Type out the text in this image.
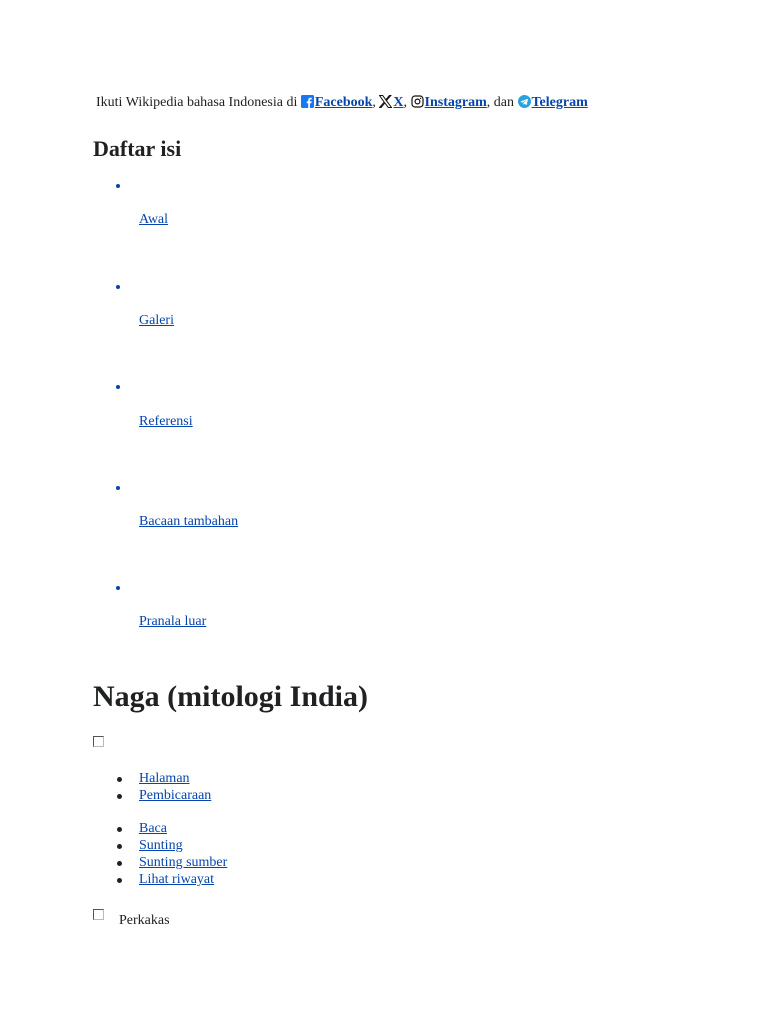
Ikuti Wikipedia bahasa Indonesia di Facebook, X, Instagram, dan Telegram
Daftar isi
Awal
Galeri
Referensi
Bacaan tambahan
Pranala luar
Naga (mitologi India)
Halaman
Pembicaraan
Baca
Sunting
Sunting sumber
Lihat riwayat
Perkakas
